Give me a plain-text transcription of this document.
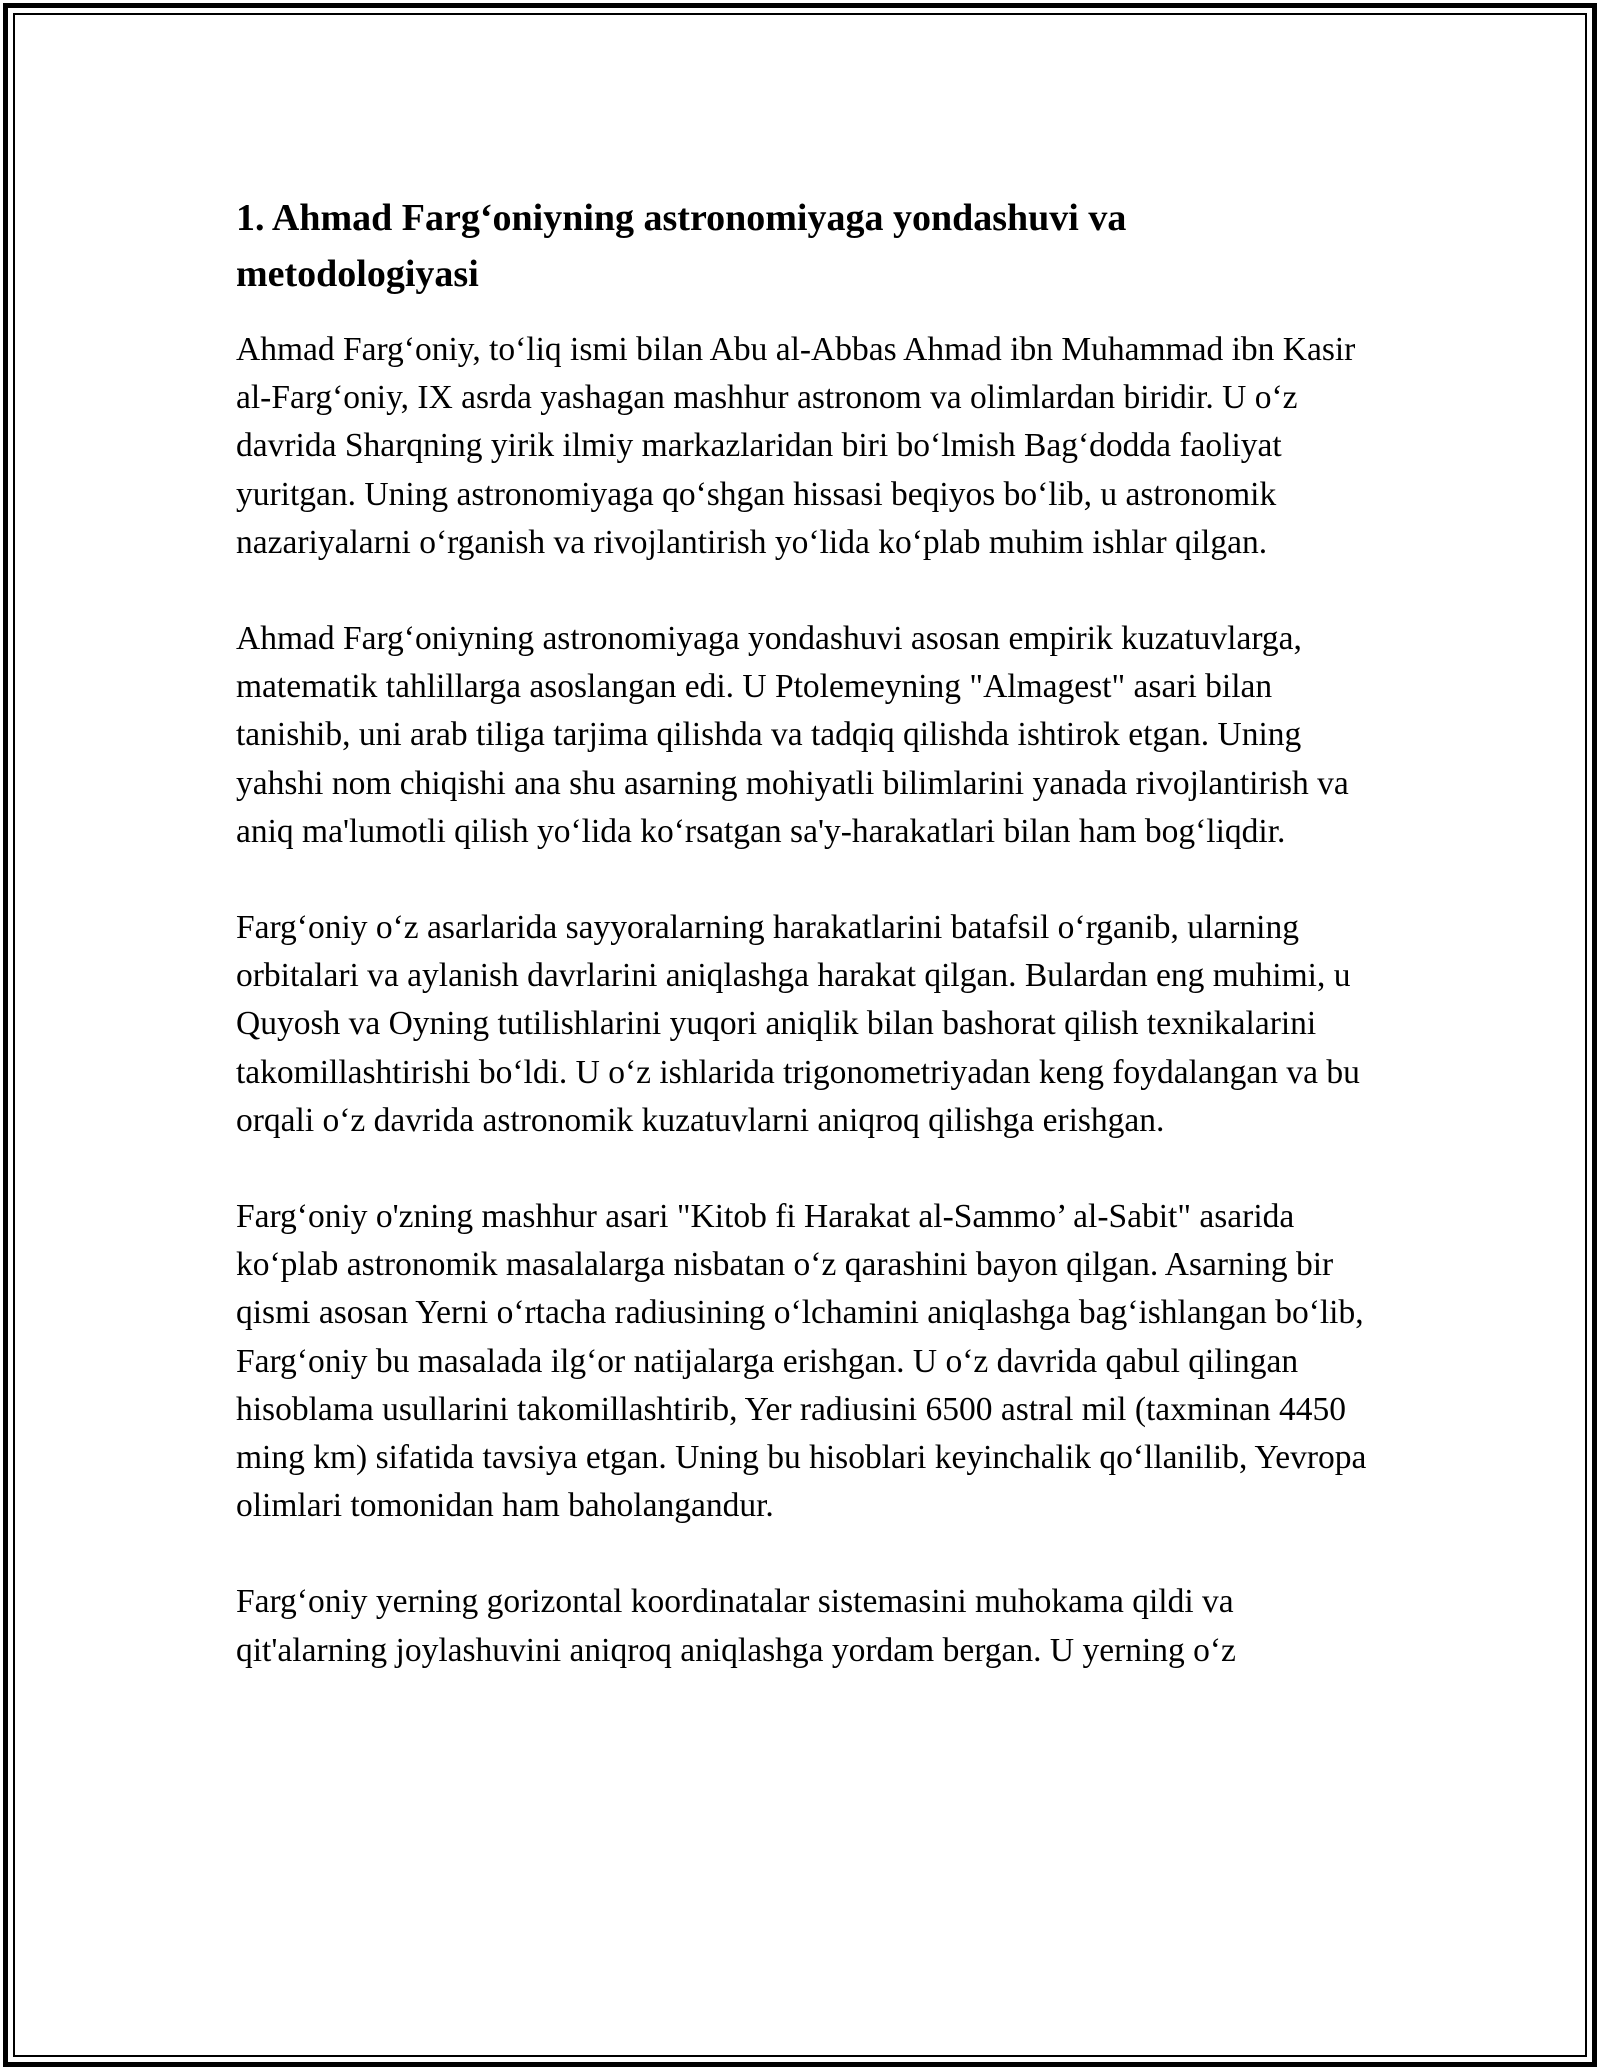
1. Ahmad Farg‘oniyning astronomiyaga yondashuvi va metodologiyasi

Ahmad Farg‘oniy, to‘liq ismi bilan Abu al-Abbas Ahmad ibn Muhammad ibn Kasir al-Farg‘oniy, IX asrda yashagan mashhur astronom va olimlardan biridir. U o‘z davrida Sharqning yirik ilmiy markazlaridan biri bo‘lmish Bag‘dodda faoliyat yuritgan. Uning astronomiyaga qo‘shgan hissasi beqiyos bo‘lib, u astronomik nazariyalarni o‘rganish va rivojlantirish yo‘lida ko‘plab muhim ishlar qilgan.

Ahmad Farg‘oniyning astronomiyaga yondashuvi asosan empirik kuzatuvlarga, matematik tahlillarga asoslangan edi. U Ptolemeyning "Almagest" asari bilan tanishib, uni arab tiliga tarjima qilishda va tadqiq qilishda ishtirok etgan. Uning yahshi nom chiqishi ana shu asarning mohiyatli bilimlarini yanada rivojlantirish va aniq ma'lumotli qilish yo‘lida ko‘rsatgan sa'y-harakatlari bilan ham bog‘liqdir.

Farg‘oniy o‘z asarlarida sayyoralarning harakatlarini batafsil o‘rganib, ularning orbitalari va aylanish davrlarini aniqlashga harakat qilgan. Bulardan eng muhimi, u Quyosh va Oyning tutilishlarini yuqori aniqlik bilan bashorat qilish texnikalarini takomillashtirishi bo‘ldi. U o‘z ishlarida trigonometriyadan keng foydalangan va bu orqali o‘z davrida astronomik kuzatuvlarni aniqroq qilishga erishgan.

Farg‘oniy o'zning mashhur asari "Kitob fi Harakat al-Sammo’ al-Sabit" asarida ko‘plab astronomik masalalarga nisbatan o‘z qarashini bayon qilgan. Asarning bir qismi asosan Yerni o‘rtacha radiusining o‘lchamini aniqlashga bag‘ishlangan bo‘lib, Farg‘oniy bu masalada ilg‘or natijalarga erishgan. U o‘z davrida qabul qilingan hisoblama usullarini takomillashtirib, Yer radiusini 6500 astral mil (taxminan 4450 ming km) sifatida tavsiya etgan. Uning bu hisoblari keyinchalik qo‘llanilib, Yevropa olimlari tomonidan ham baholangandur.

Farg‘oniy yerning gorizontal koordinatalar sistemasini muhokama qildi va qit'alarning joylashuvini aniqroq aniqlashga yordam bergan. U yerning o‘z
